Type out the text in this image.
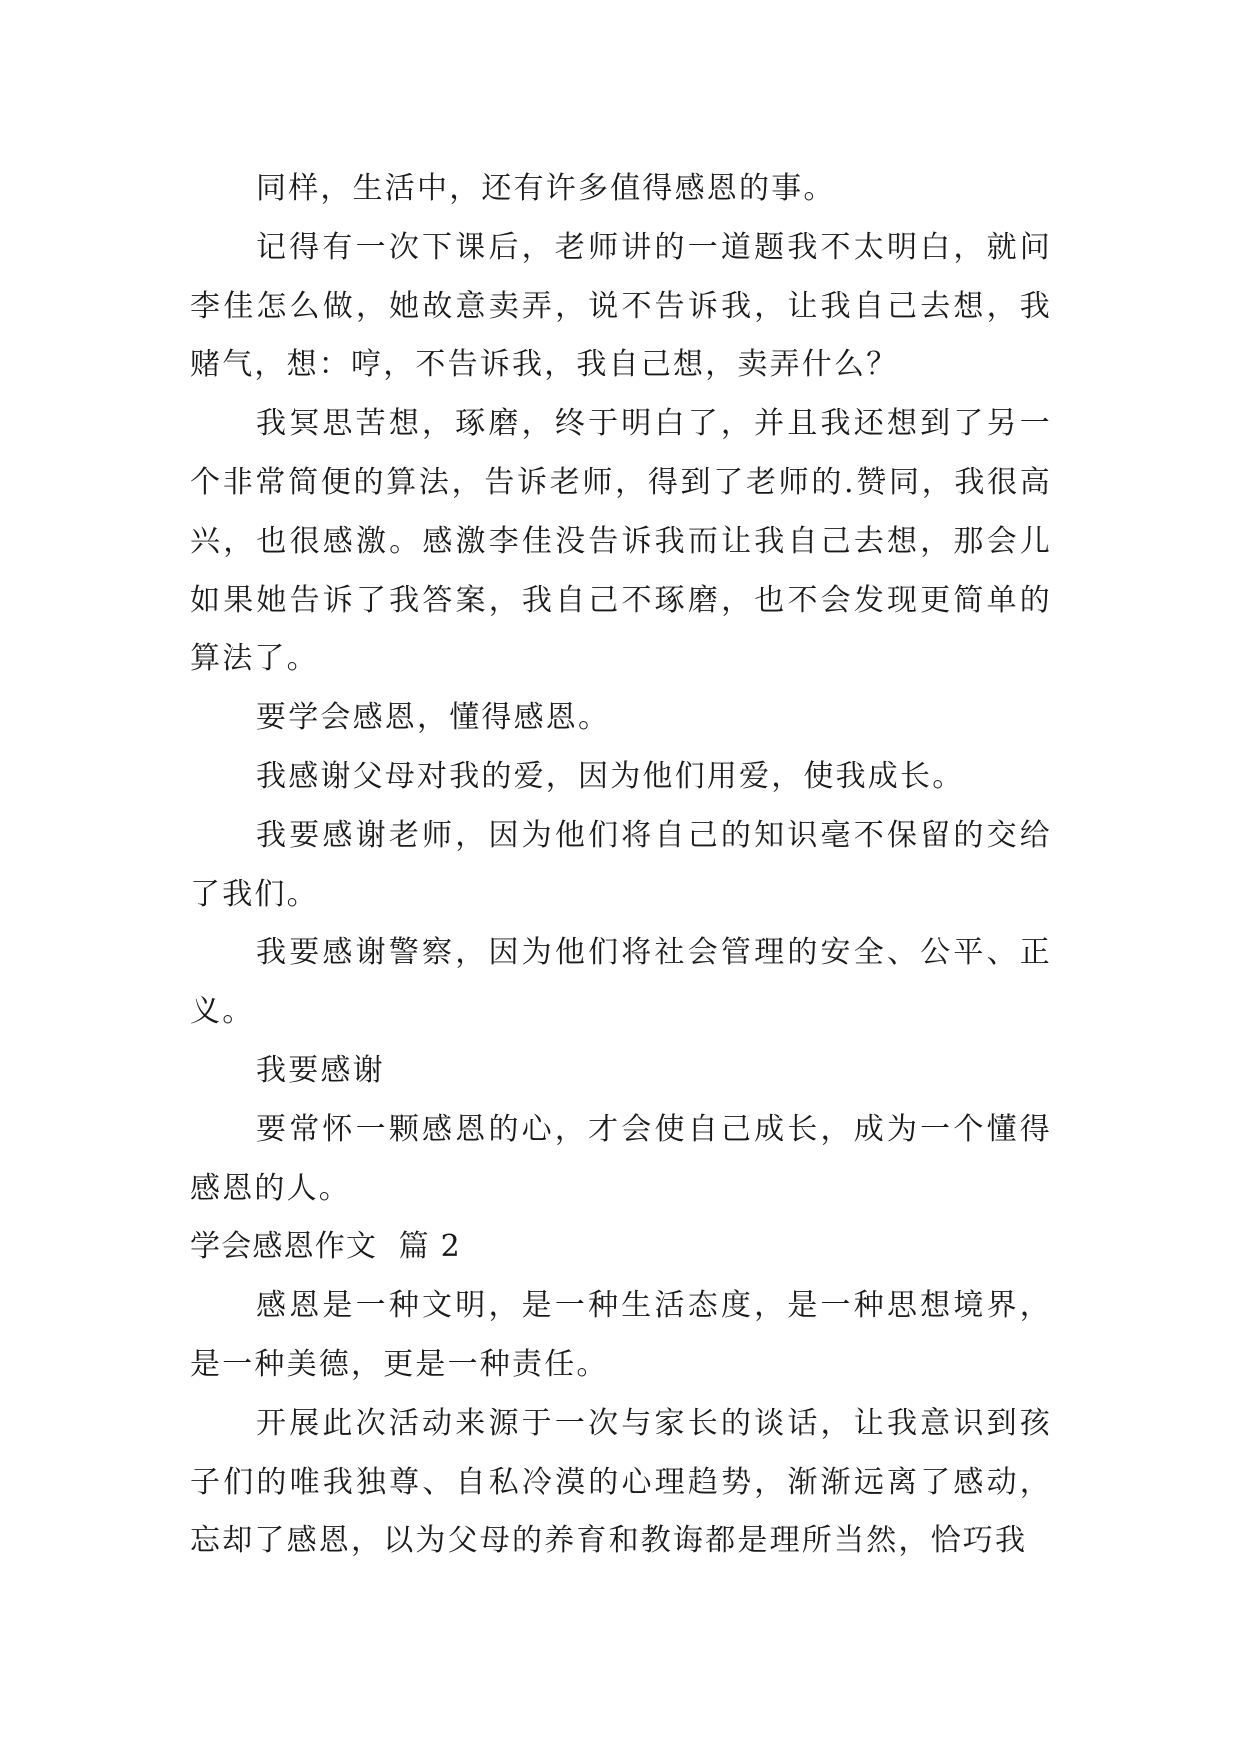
同样，生活中，还有许多值得感恩的事。

记得有一次下课后，老师讲的一道题我不太明白，就问李佳怎么做，她故意卖弄，说不告诉我，让我自己去想，我赌气，想：哼，不告诉我，我自己想，卖弄什么？

我冥思苦想，琢磨，终于明白了，并且我还想到了另一个非常简便的算法，告诉老师，得到了老师的.赞同，我很高兴，也很感激。感激李佳没告诉我而让我自己去想，那会儿如果她告诉了我答案，我自己不琢磨，也不会发现更简单的算法了。

要学会感恩，懂得感恩。

我感谢父母对我的爱，因为他们用爱，使我成长。

我要感谢老师，因为他们将自己的知识毫不保留的交给了我们。

我要感谢警察，因为他们将社会管理的安全、公平、正义。

我要感谢

要常怀一颗感恩的心，才会使自己成长，成为一个懂得感恩的人。

学会感恩作文  篇 2

感恩是一种文明，是一种生活态度，是一种思想境界，是一种美德，更是一种责任。

开展此次活动来源于一次与家长的谈话，让我意识到孩子们的唯我独尊、自私冷漠的心理趋势，渐渐远离了感动，忘却了感恩，以为父母的养育和教诲都是理所当然，恰巧我
